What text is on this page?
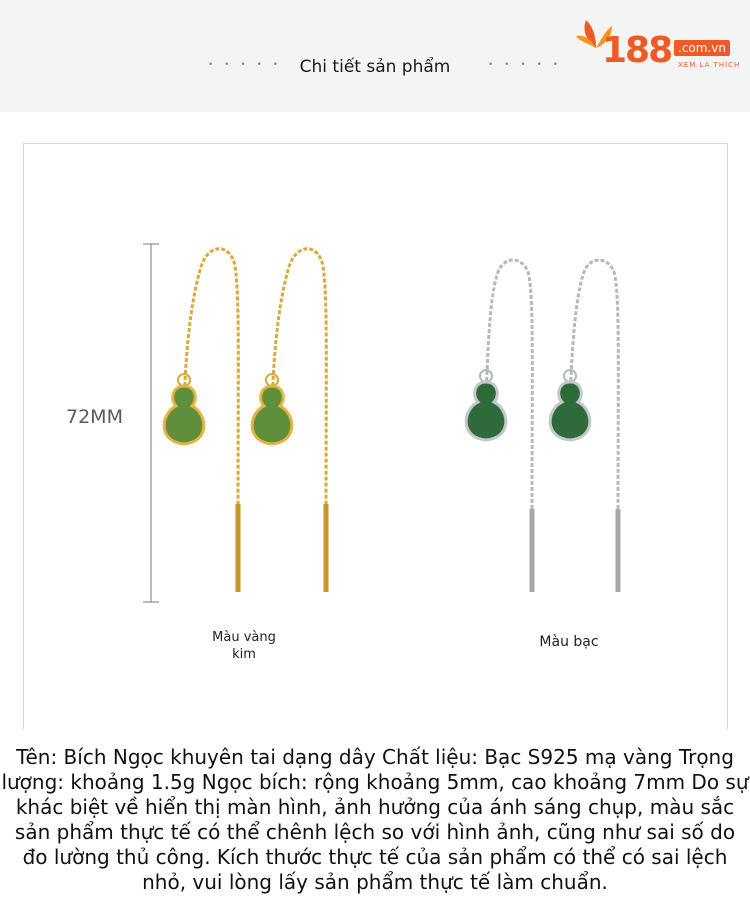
• • • • •	Chi tiết sản phẩm	• • • • • 188 .com.vn
XEM LÀ THÍCH
72MM
Màu vàng kim
Màu bạc
Tên: Bích Ngọc khuyên tai dạng dây Chất liệu: Bạc S925 mạ vàng Trọng lượng: khoảng 1.5g Ngọc bích: rộng khoảng 5mm, cao khoảng 7mm Do sự khác biệt về hiển thị màn hình, ảnh hưởng của ánh sáng chụp, màu sắc sản phẩm thực tế có thể chênh lệch so với hình ảnh, cũng như sai số do đo lường thủ công. Kích thước thực tế của sản phẩm có thể có sai lệch nhỏ, vui lòng lấy sản phẩm thực tế làm chuẩn.
